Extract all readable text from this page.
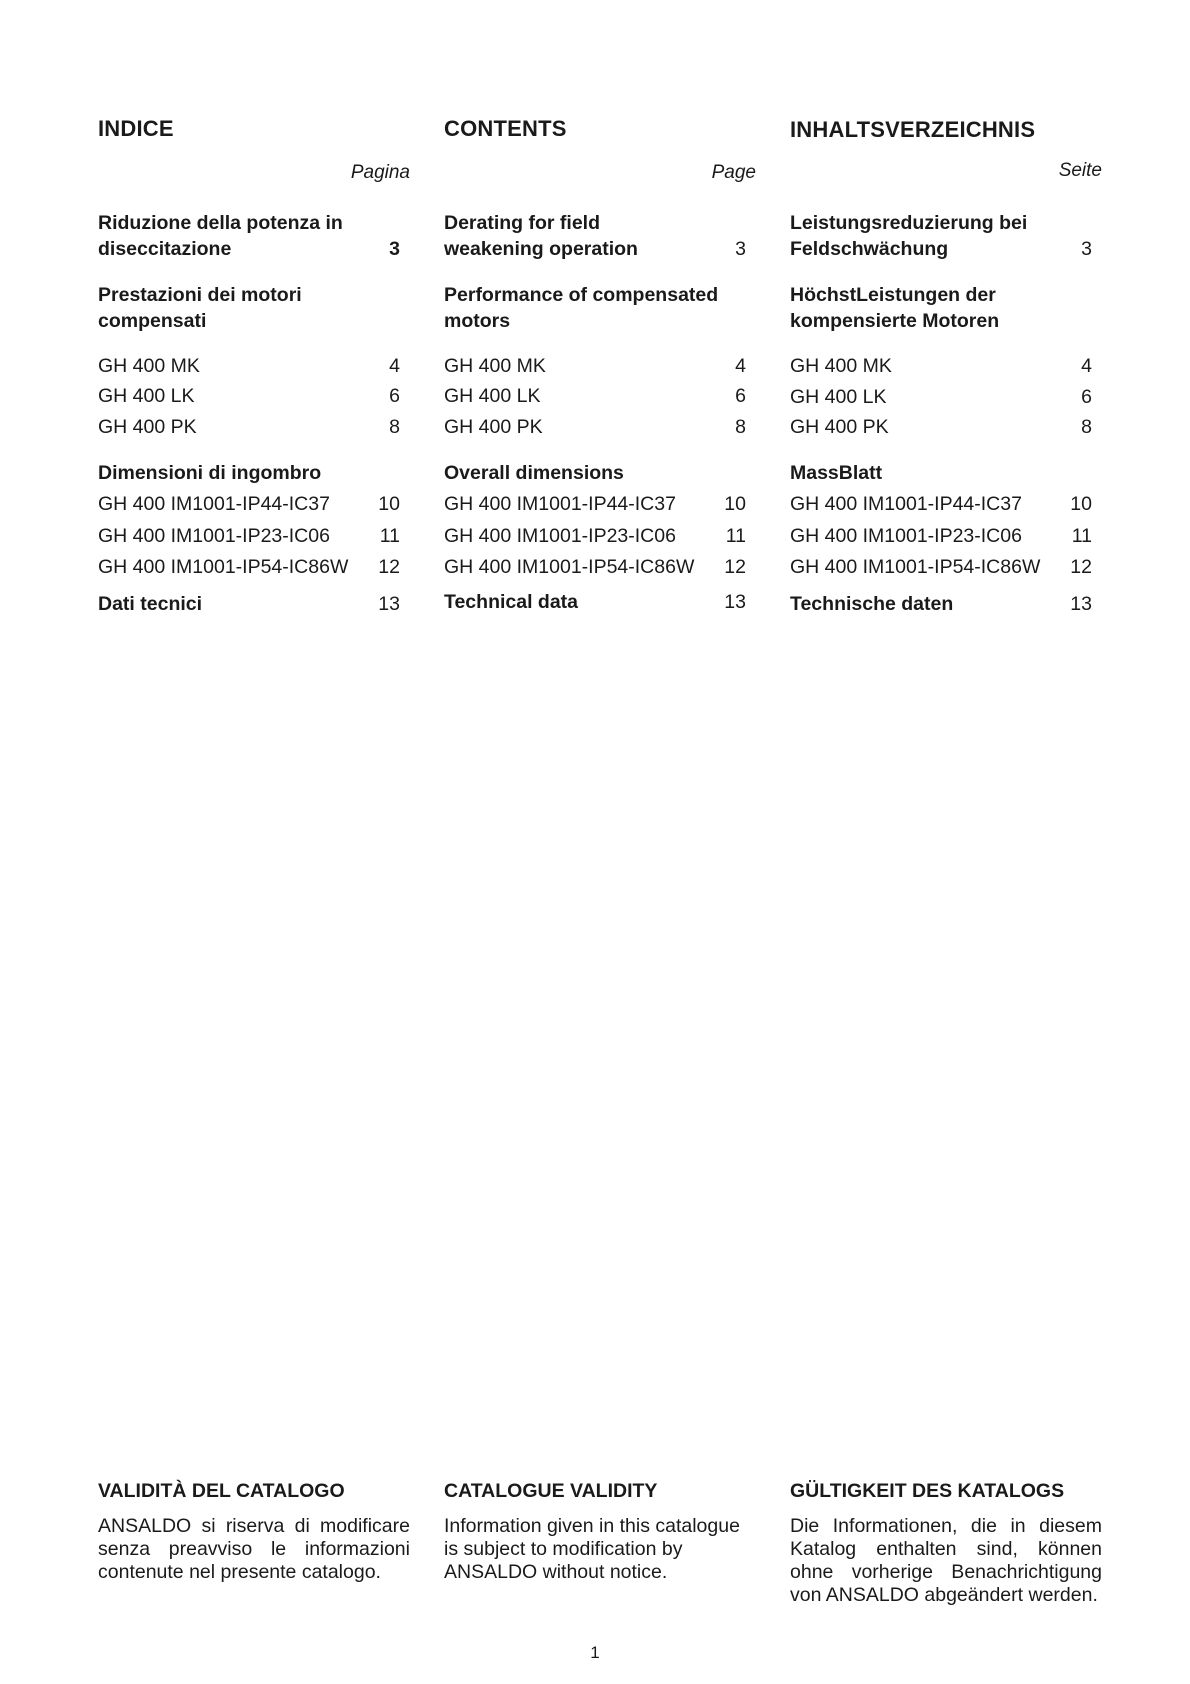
INDICE
Pagina
Riduzione della potenza in diseccitazione	3
Prestazioni dei motori compensati
GH 400 MK	4
GH 400 LK	6
GH 400 PK	8
Dimensioni di ingombro
GH 400 IM1001-IP44-IC37	10
GH 400 IM1001-IP23-IC06	11
GH 400 IM1001-IP54-IC86W	12
Dati tecnici	13
VALIDITÀ DEL CATALOGO
ANSALDO si riserva di modificare senza preavviso le informazioni contenute nel presente catalogo.
CONTENTS
Page
Derating for field weakening operation	3
Performance of compensated motors
GH 400 MK	4
GH 400 LK	6
GH 400 PK	8
Overall dimensions
GH 400 IM1001-IP44-IC37	10
GH 400 IM1001-IP23-IC06	11
GH 400 IM1001-IP54-IC86W	12
Technical data	13
CATALOGUE VALIDITY
Information given in this catalogue is subject to modification by ANSALDO without notice.
INHALTSVERZEICHNIS
Seite
Leistungsreduzierung bei Feldschwächung	3
HöchstLeistungen der kompensierte Motoren
GH 400 MK	4
GH 400 LK	6
GH 400 PK	8
MassBlatt
GH 400 IM1001-IP44-IC37	10
GH 400 IM1001-IP23-IC06	11
GH 400 IM1001-IP54-IC86W	12
Technische daten	13
GÜLTIGKEIT DES KATALOGS
Die Informationen, die in diesem Katalog enthalten sind, können ohne vorherige Benachrichtigung von ANSALDO abgeändert werden.
1
